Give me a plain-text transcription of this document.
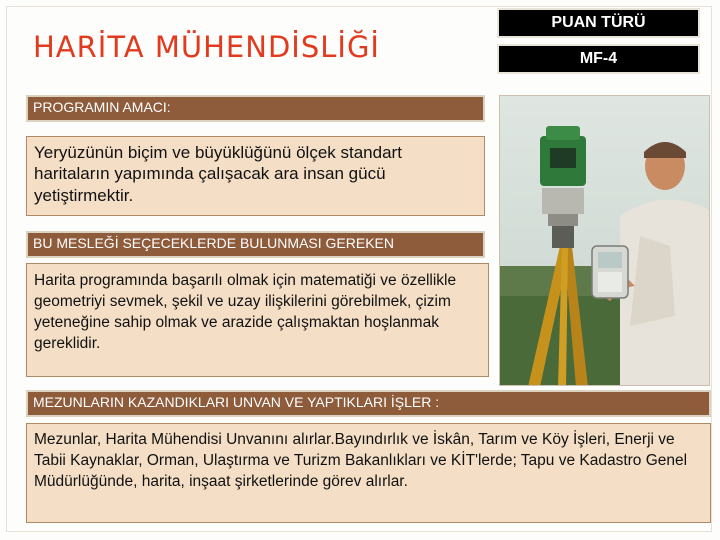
HARİTA MÜHENDİSLİĞİ
PUAN TÜRÜ
MF-4
PROGRAMIN AMACI:
Yeryüzünün biçim ve büyüklüğünü ölçek standart haritaların yapımında çalışacak ara insan gücü yetiştirmektir.
BU MESLEĞİ SEÇECEKLERDE BULUNMASI GEREKEN
Harita programında başarılı olmak için matematiği ve özellikle geometriyi sevmek, şekil ve uzay ilişkilerini görebilmek, çizim yeteneğine sahip olmak ve arazide çalışmaktan hoşlanmak gereklidir.
MEZUNLARIN KAZANDIKLARI UNVAN VE YAPTIKLARI İŞLER :
Mezunlar, Harita Mühendisi Unvanını alırlar.Bayındırlık ve İskân, Tarım ve Köy İşleri, Enerji ve Tabii Kaynaklar, Orman, Ulaştırma ve Turizm Bakanlıkları ve KİT'lerde; Tapu ve Kadastro Genel Müdürlüğünde, harita, inşaat şirketlerinde görev alırlar.
